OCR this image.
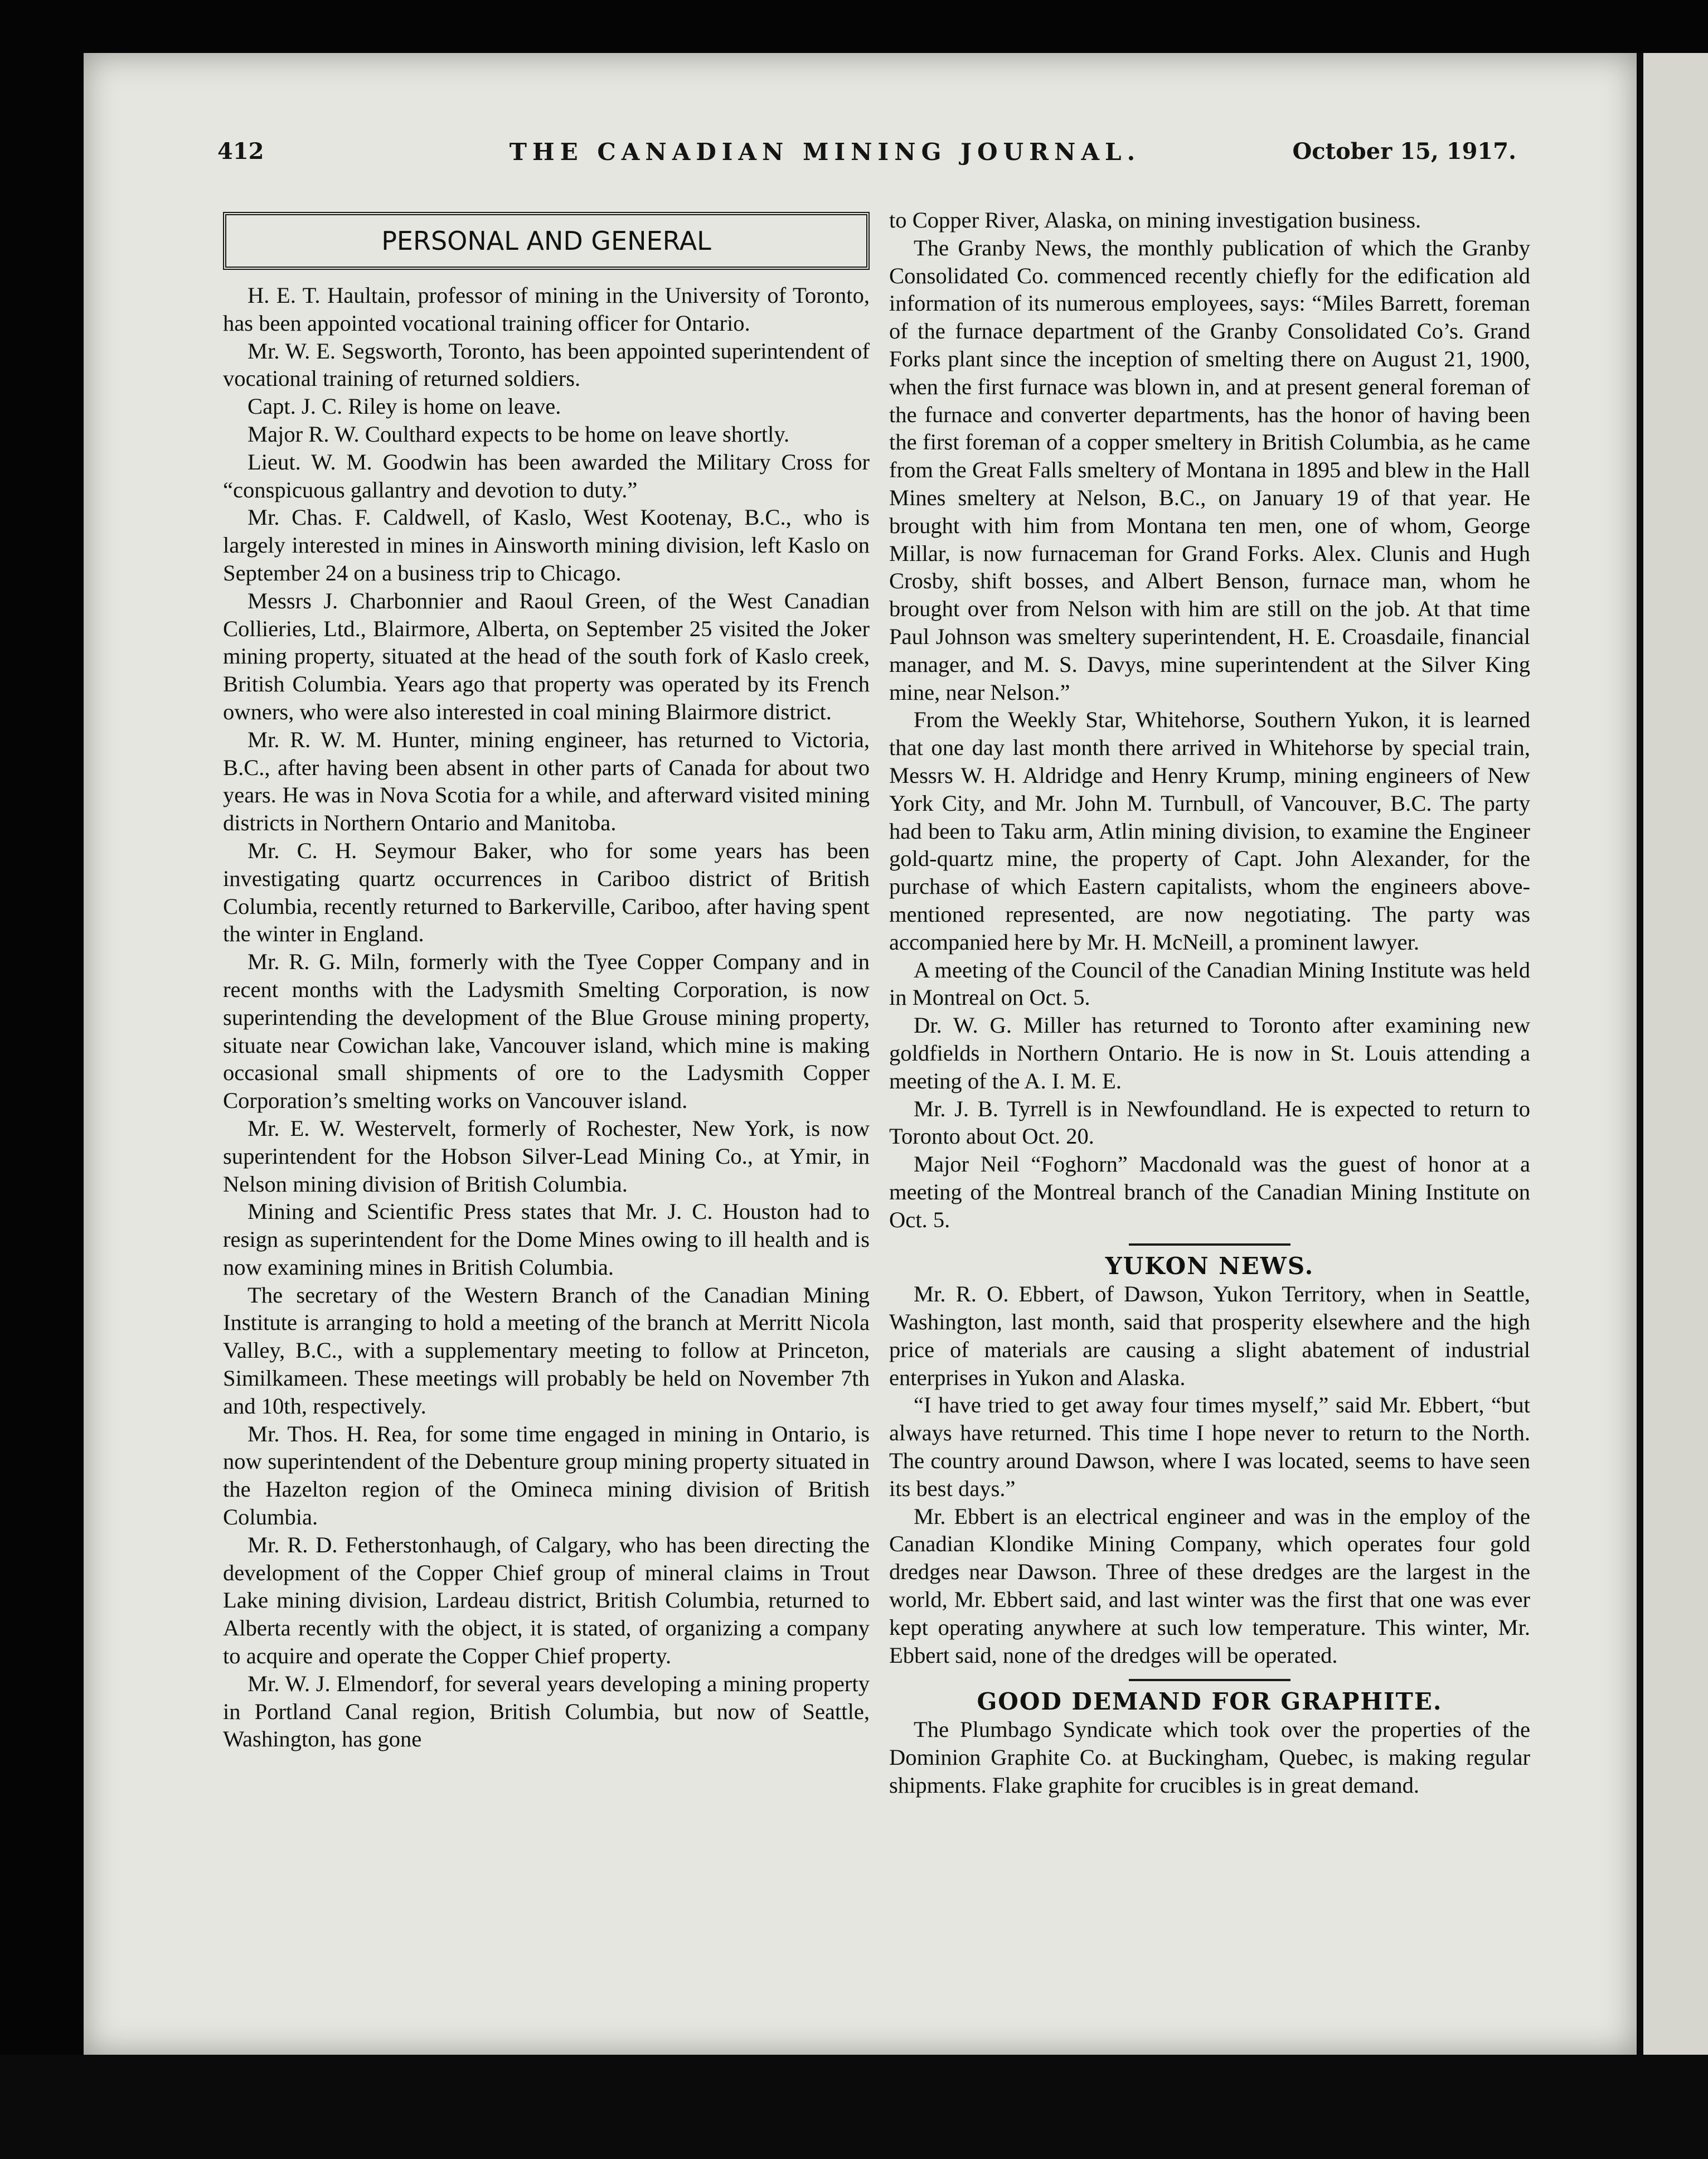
412	THE CANADIAN MINING JOURNAL.	October 15, 1917.
PERSONAL AND GENERAL

H. E. T. Haultain, professor of mining in the University of Toronto, has been appointed vocational training officer for Ontario.

Mr. W. E. Segsworth, Toronto, has been appointed superintendent of vocational training of returned soldiers.

Capt. J. C. Riley is home on leave.

Major R. W. Coulthard expects to be home on leave shortly.

Lieut. W. M. Goodwin has been awarded the Military Cross for “conspicuous gallantry and devotion to duty.”

Mr. Chas. F. Caldwell, of Kaslo, West Kootenay, B.C., who is largely interested in mines in Ainsworth mining division, left Kaslo on September 24 on a business trip to Chicago.

Messrs J. Charbonnier and Raoul Green, of the West Canadian Collieries, Ltd., Blairmore, Alberta, on September 25 visited the Joker mining property, situated at the head of the south fork of Kaslo creek, British Columbia. Years ago that property was operated by its French owners, who were also interested in coal mining Blairmore district.

Mr. R. W. M. Hunter, mining engineer, has returned to Victoria, B.C., after having been absent in other parts of Canada for about two years. He was in Nova Scotia for a while, and afterward visited mining districts in Northern Ontario and Manitoba.

Mr. C. H. Seymour Baker, who for some years has been investigating quartz occurrences in Cariboo district of British Columbia, recently returned to Barkerville, Cariboo, after having spent the winter in England.

Mr. R. G. Miln, formerly with the Tyee Copper Company and in recent months with the Ladysmith Smelting Corporation, is now superintending the development of the Blue Grouse mining property, situate near Cowichan lake, Vancouver island, which mine is making occasional small shipments of ore to the Ladysmith Copper Corporation’s smelting works on Vancouver island.

Mr. E. W. Westervelt, formerly of Rochester, New York, is now superintendent for the Hobson Silver-Lead Mining Co., at Ymir, in Nelson mining division of British Columbia.

Mining and Scientific Press states that Mr. J. C. Houston had to resign as superintendent for the Dome Mines owing to ill health and is now examining mines in British Columbia.

The secretary of the Western Branch of the Canadian Mining Institute is arranging to hold a meeting of the branch at Merritt Nicola Valley, B.C., with a supplementary meeting to follow at Princeton, Similkameen. These meetings will probably be held on November 7th and 10th, respectively.

Mr. Thos. H. Rea, for some time engaged in mining in Ontario, is now superintendent of the Debenture group mining property situated in the Hazelton region of the Omineca mining division of British Columbia.

Mr. R. D. Fetherstonhaugh, of Calgary, who has been directing the development of the Copper Chief group of mineral claims in Trout Lake mining division, Lardeau district, British Columbia, returned to Alberta recently with the object, it is stated, of organizing a company to acquire and operate the Copper Chief property.

Mr. W. J. Elmendorf, for several years developing a mining property in Portland Canal region, British Columbia, but now of Seattle, Washington, has gone

to Copper River, Alaska, on mining investigation business.

The Granby News, the monthly publication of which the Granby Consolidated Co. commenced recently chiefly for the edification ald information of its numerous employees, says: “Miles Barrett, foreman of the furnace department of the Granby Consolidated Co’s. Grand Forks plant since the inception of smelting there on August 21, 1900, when the first furnace was blown in, and at present general foreman of the furnace and converter departments, has the honor of having been the first foreman of a copper smeltery in British Columbia, as he came from the Great Falls smeltery of Montana in 1895 and blew in the Hall Mines smeltery at Nelson, B.C., on January 19 of that year. He brought with him from Montana ten men, one of whom, George Millar, is now furnaceman for Grand Forks. Alex. Clunis and Hugh Crosby, shift bosses, and Albert Benson, furnace man, whom he brought over from Nelson with him are still on the job. At that time Paul Johnson was smeltery superintendent, H. E. Croasdaile, financial manager, and M. S. Davys, mine superintendent at the Silver King mine, near Nelson.”

From the Weekly Star, Whitehorse, Southern Yukon, it is learned that one day last month there arrived in Whitehorse by special train, Messrs W. H. Aldridge and Henry Krump, mining engineers of New York City, and Mr. John M. Turnbull, of Vancouver, B.C. The party had been to Taku arm, Atlin mining division, to examine the Engineer gold-quartz mine, the property of Capt. John Alexander, for the purchase of which Eastern capitalists, whom the engineers above-mentioned represented, are now negotiating. The party was accompanied here by Mr. H. McNeill, a prominent lawyer.

A meeting of the Council of the Canadian Mining Institute was held in Montreal on Oct. 5.

Dr. W. G. Miller has returned to Toronto after examining new goldfields in Northern Ontario. He is now in St. Louis attending a meeting of the A. I. M. E.

Mr. J. B. Tyrrell is in Newfoundland. He is expected to return to Toronto about Oct. 20.

Major Neil “Foghorn” Macdonald was the guest of honor at a meeting of the Montreal branch of the Canadian Mining Institute on Oct. 5.

YUKON NEWS.

Mr. R. O. Ebbert, of Dawson, Yukon Territory, when in Seattle, Washington, last month, said that prosperity elsewhere and the high price of materials are causing a slight abatement of industrial enterprises in Yukon and Alaska.

“I have tried to get away four times myself,” said Mr. Ebbert, “but always have returned. This time I hope never to return to the North. The country around Dawson, where I was located, seems to have seen its best days.”

Mr. Ebbert is an electrical engineer and was in the employ of the Canadian Klondike Mining Company, which operates four gold dredges near Dawson. Three of these dredges are the largest in the world, Mr. Ebbert said, and last winter was the first that one was ever kept operating anywhere at such low temperature. This winter, Mr. Ebbert said, none of the dredges will be operated.

GOOD DEMAND FOR GRAPHITE.

The Plumbago Syndicate which took over the properties of the Dominion Graphite Co. at Buckingham, Quebec, is making regular shipments. Flake graphite for crucibles is in great demand.
